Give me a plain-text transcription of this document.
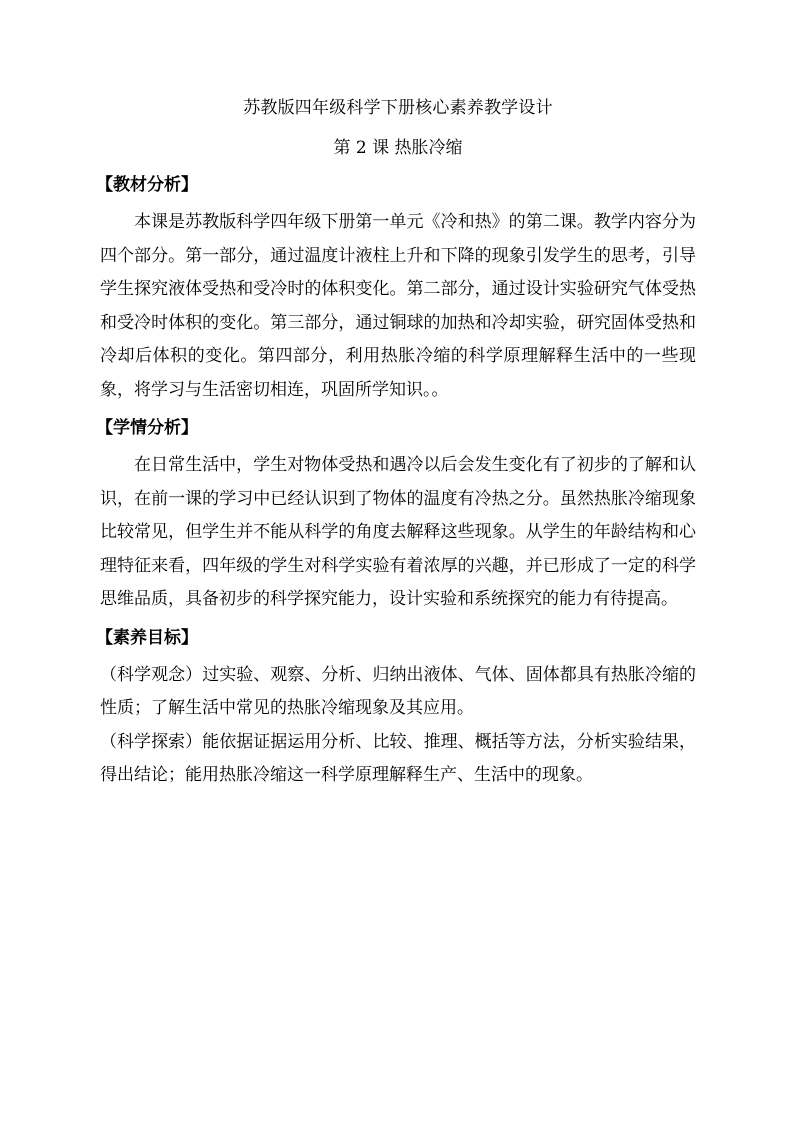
苏教版四年级科学下册核心素养教学设计
第 2 课 热胀冷缩
【教材分析】

本课是苏教版科学四年级下册第一单元《冷和热》的第二课。教学内容分为四个部分。第一部分，通过温度计液柱上升和下降的现象引发学生的思考，引导学生探究液体受热和受冷时的体积变化。第二部分，通过设计实验研究气体受热和受冷时体积的变化。第三部分，通过铜球的加热和冷却实验，研究固体受热和冷却后体积的变化。第四部分，利用热胀冷缩的科学原理解释生活中的一些现象，将学习与生活密切相连，巩固所学知识。。

【学情分析】

在日常生活中，学生对物体受热和遇冷以后会发生变化有了初步的了解和认识，在前一课的学习中已经认识到了物体的温度有冷热之分。虽然热胀冷缩现象比较常见，但学生并不能从科学的角度去解释这些现象。从学生的年龄结构和心理特征来看，四年级的学生对科学实验有着浓厚的兴趣，并已形成了一定的科学思维品质，具备初步的科学探究能力，设计实验和系统探究的能力有待提高。

【素养目标】

（科学观念）过实验、观察、分析、归纳出液体、气体、固体都具有热胀冷缩的性质；了解生活中常见的热胀冷缩现象及其应用。

（科学探索）能依据证据运用分析、比较、推理、概括等方法，分析实验结果，得出结论；能用热胀冷缩这一科学原理解释生产、生活中的现象。
